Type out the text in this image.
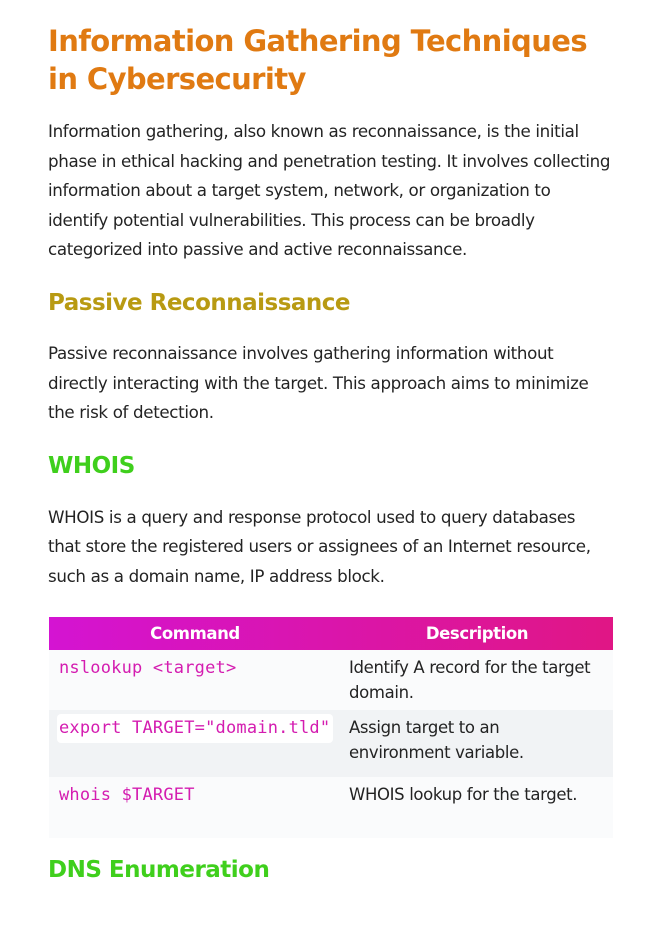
Information Gathering Techniques in Cybersecurity

Information gathering, also known as reconnaissance, is the initial phase in ethical hacking and penetration testing. It involves collecting information about a target system, network, or organization to identify potential vulnerabilities. This process can be broadly categorized into passive and active reconnaissance.

Passive Reconnaissance

Passive reconnaissance involves gathering information without directly interacting with the target. This approach aims to minimize the risk of detection.

WHOIS

WHOIS is a query and response protocol used to query databases that store the registered users or assignees of an Internet resource, such as a domain name, IP address block.

Command	Description
nslookup <target>	Identify A record for the target domain.

export TARGET="domain.tld"	Assign target to an environment variable.
whois $TARGET	WHOIS lookup for the target.
DNS Enumeration
